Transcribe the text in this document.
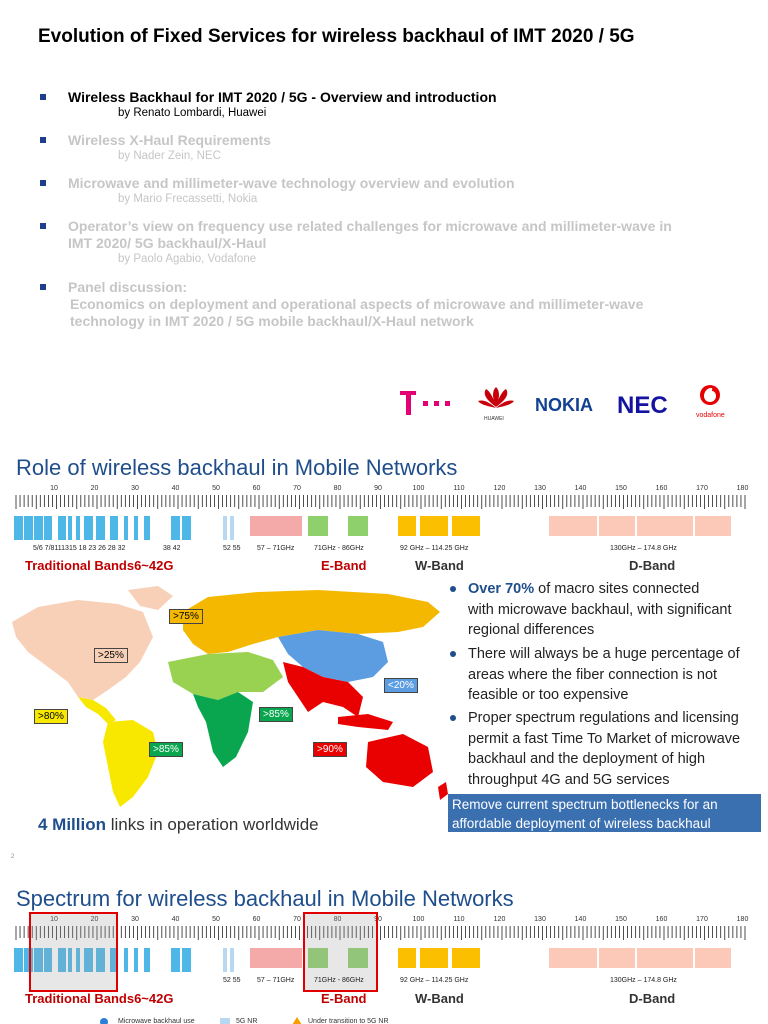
Evolution of Fixed Services for wireless backhaul of IMT 2020 / 5G
Wireless Backhaul for IMT 2020 / 5G - Overview and introduction
by Renato Lombardi, Huawei
Wireless X-Haul Requirements
by Nader Zein, NEC
Microwave and millimeter-wave technology overview and evolution
by Mario Frecassetti, Nokia
Operator’s view on frequency use related challenges for microwave and millimeter-wave in
IMT 2020/ 5G backhaul/X-Haul
by Paolo Agabio, Vodafone
Panel discussion:
Economics on deployment and operational aspects of microwave and millimeter-wave
technology in IMT 2020 / 5G mobile backhaul/X-Haul network
HUAWEI
NOKIA NEC	vodafone
Role of wireless backhaul in Mobile Networks
10	20	30	40	50	60	70	80	90	100	110	120	130	140	150	160	170	180
5/6 7/8111315 18 23 26 28 32	38 42	52 55 57 – 71GHz	71GHz - 86GHz	92 GHz – 114.25 GHz	130GHz – 174.8 GHz
Traditional Bands6~42G	E-Band	W-Band	D-Band
>75%
>25%
>80%	>85%
>85%	>90%
<20%
Over 70% of macro sites connected
with microwave backhaul, with significant
regional differences
There will always be a huge percentage of
areas where the fiber connection is not
feasible or too expensive
Proper spectrum regulations and licensing
permit a fast Time To Market of microwave
backhaul and the deployment of high
throughput 4G and 5G services
Remove current spectrum bottlenecks for an
affordable deployment of wireless backhaul
4 Million links in operation worldwide
2
Spectrum for wireless backhaul in Mobile Networks
10	20	30	40	50	60	70	80	90	100	110	120	130	140	150	160	170	180
52 55 57 – 71GHz	71GHz - 86GHz	92 GHz – 114.25 GHz	130GHz – 174.8 GHz
Traditional Bands6~42G	E-Band	W-Band	D-Band
Microwave backhaul use	5G NR	Under transition to 5G NR
